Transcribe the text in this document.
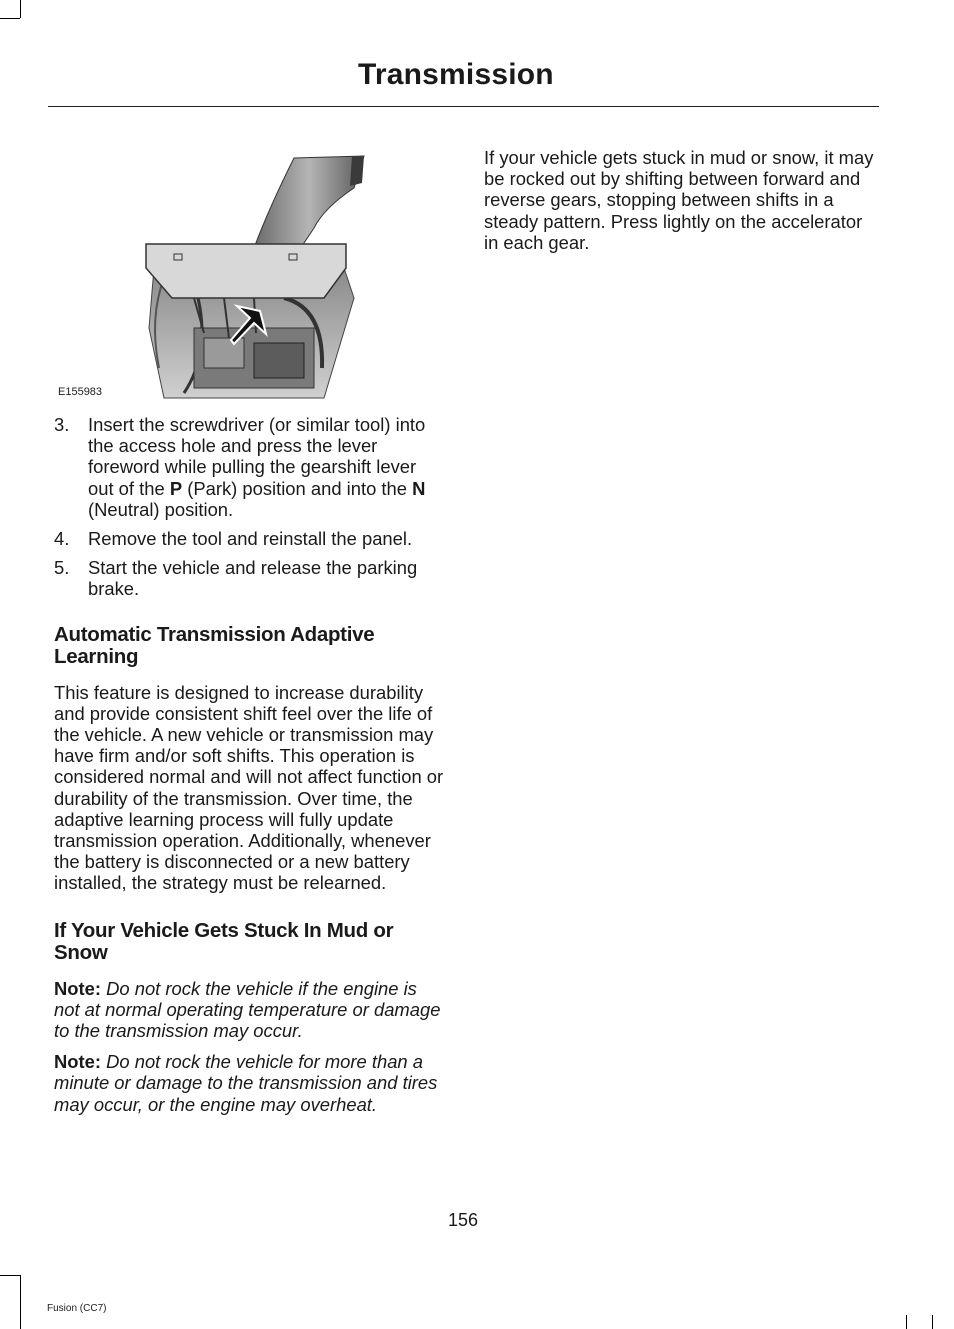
Transmission
E155983
3.	Insert the screwdriver (or similar tool) into the access hole and press the lever foreword while pulling the gearshift lever out of the P (Park) position and into the N (Neutral) position.
4.	Remove the tool and reinstall the panel.
5.	Start the vehicle and release the parking brake.
Automatic Transmission Adaptive Learning

This feature is designed to increase durability and provide consistent shift feel over the life of the vehicle. A new vehicle or transmission may have firm and/or soft shifts. This operation is considered normal and will not affect function or durability of the transmission. Over time, the adaptive learning process will fully update transmission operation. Additionally, whenever the battery is disconnected or a new battery installed, the strategy must be relearned.

If Your Vehicle Gets Stuck In Mud or Snow

Note: Do not rock the vehicle if the engine is not at normal operating temperature or damage to the transmission may occur.

Note: Do not rock the vehicle for more than a minute or damage to the transmission and tires may occur, or the engine may overheat.

If your vehicle gets stuck in mud or snow, it may be rocked out by shifting between forward and reverse gears, stopping between shifts in a steady pattern. Press lightly on the accelerator in each gear.

156
Fusion (CC7)
